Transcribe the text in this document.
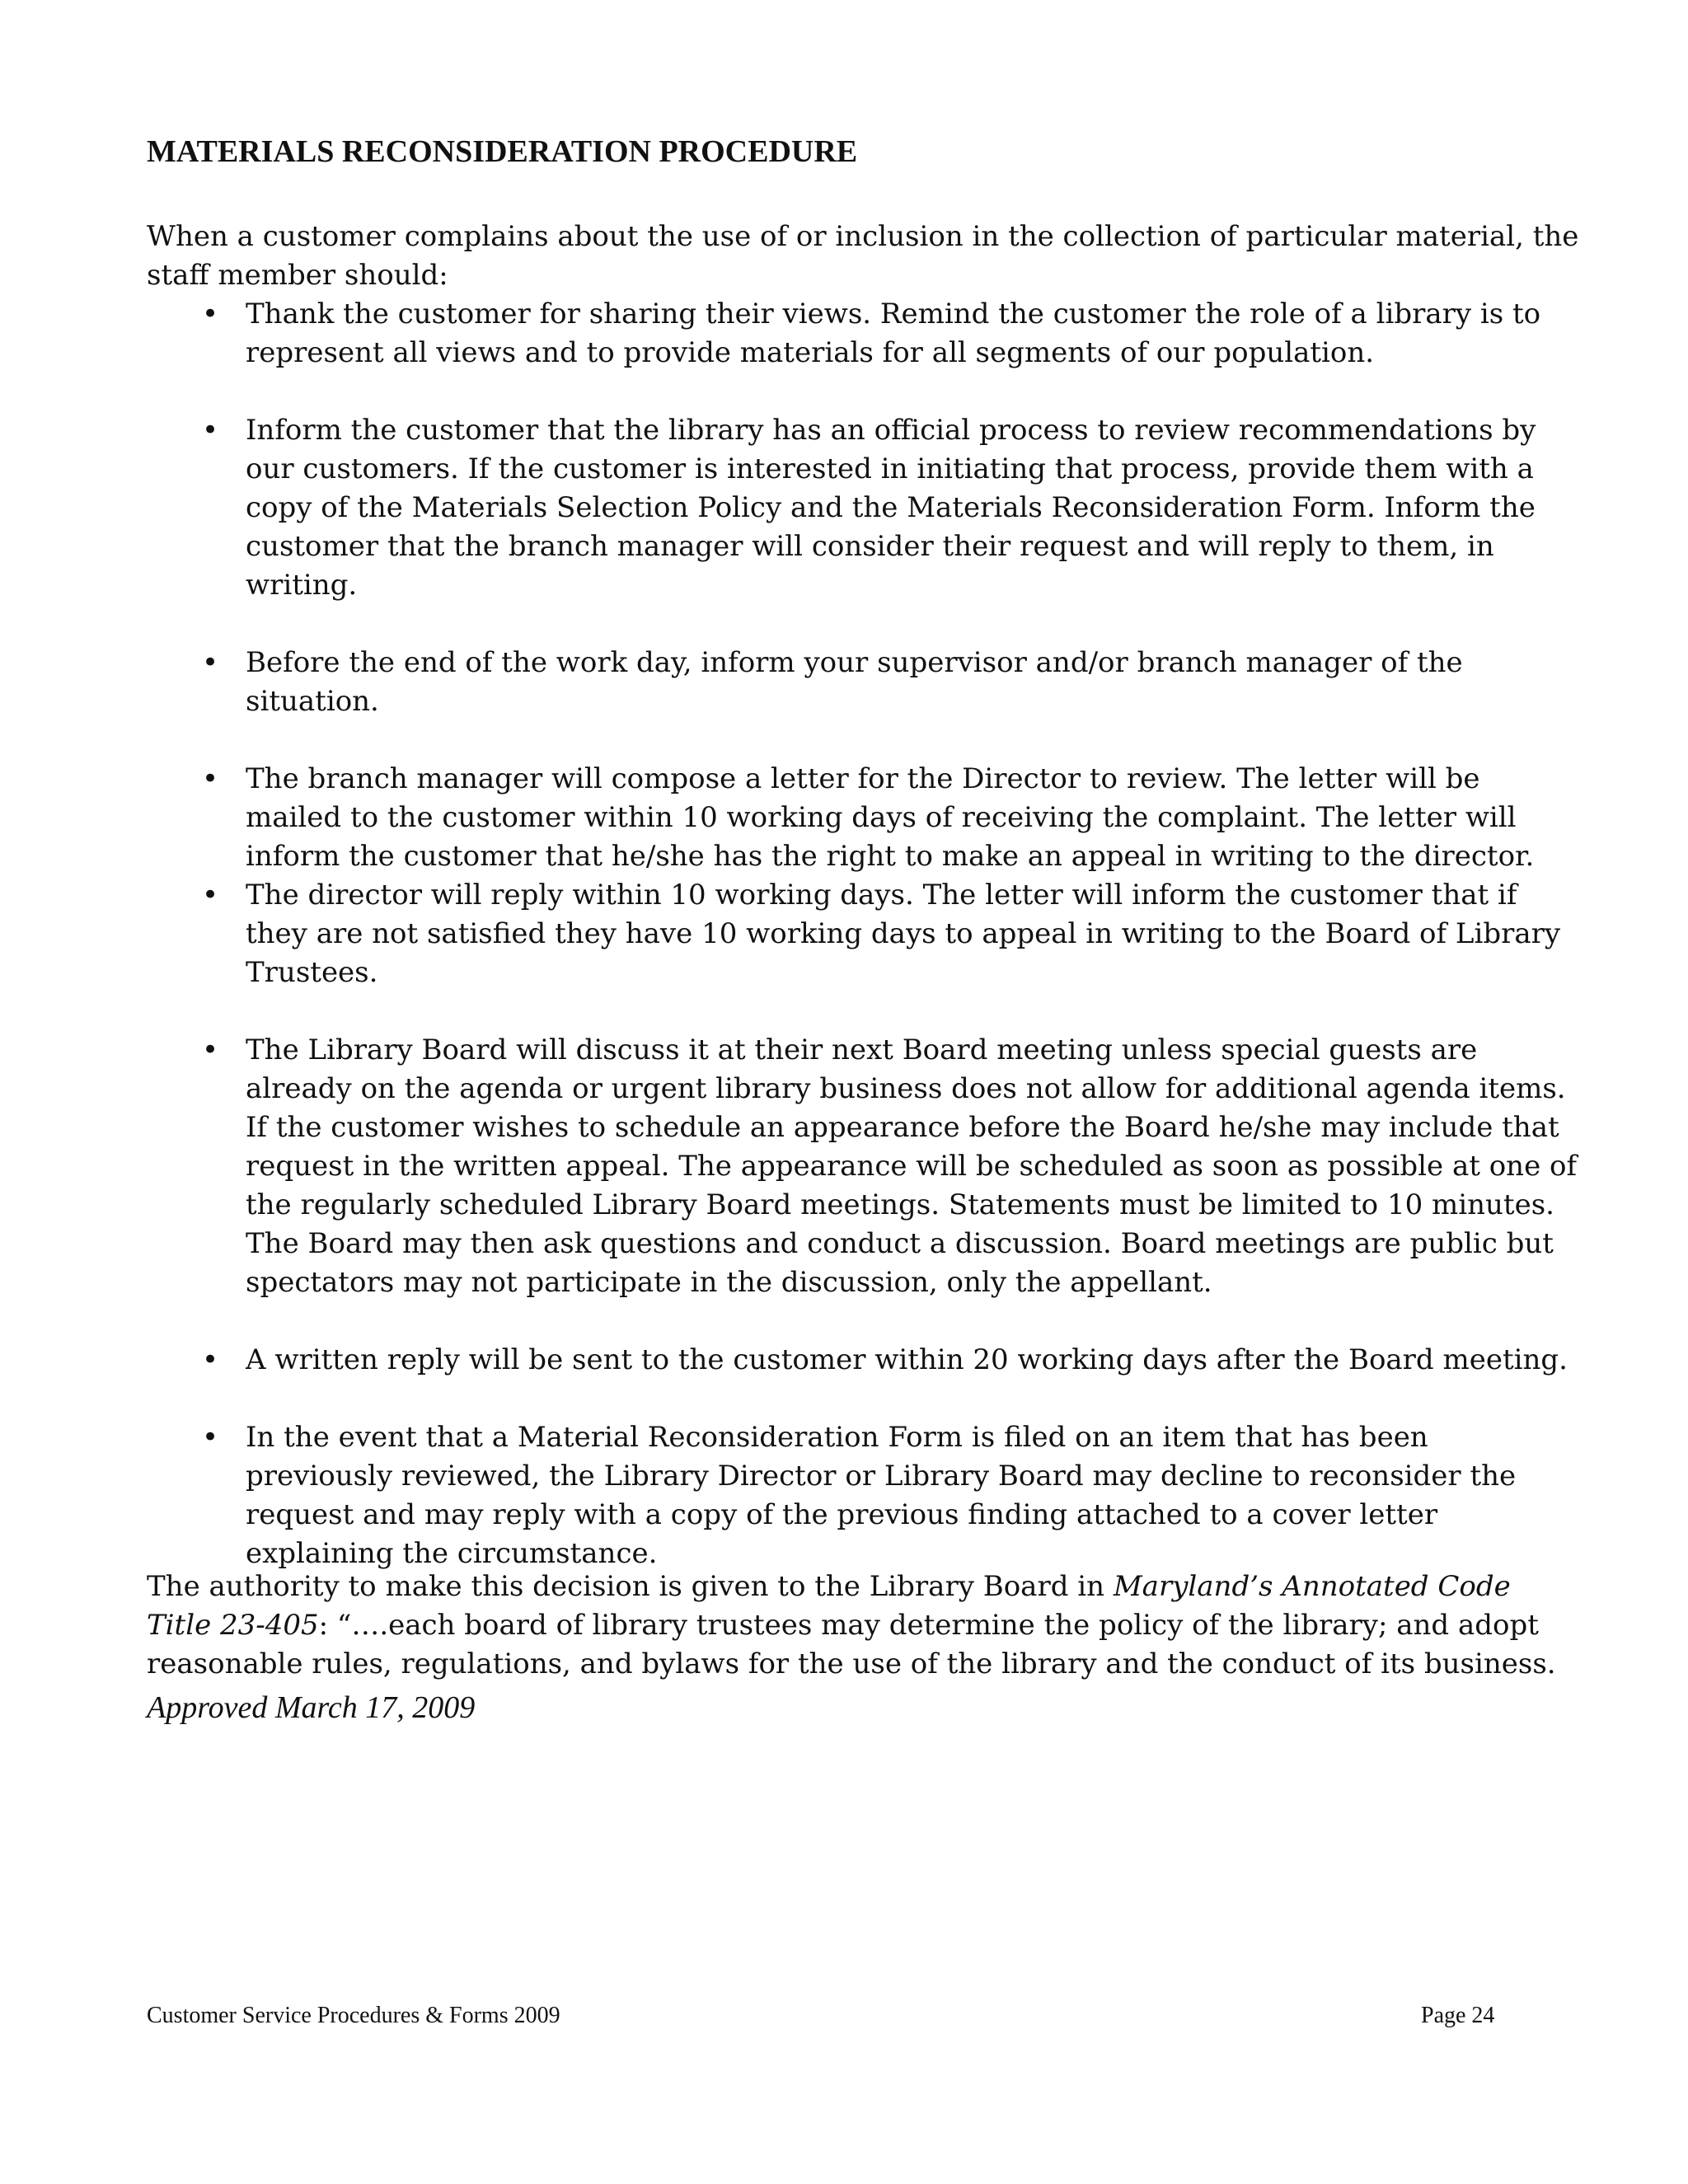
MATERIALS RECONSIDERATION PROCEDURE

When a customer complains about the use of or inclusion in the collection of particular material, the staff member should:

• Thank the customer for sharing their views. Remind the customer the role of a library is to represent all views and to provide materials for all segments of our population.
• Inform the customer that the library has an official process to review recommendations by our customers. If the customer is interested in initiating that process, provide them with a copy of the Materials Selection Policy and the Materials Reconsideration Form. Inform the customer that the branch manager will consider their request and will reply to them, in writing.
• Before the end of the work day, inform your supervisor and/or branch manager of the situation.
• The branch manager will compose a letter for the Director to review. The letter will be mailed to the customer within 10 working days of receiving the complaint. The letter will inform the customer that he/she has the right to make an appeal in writing to the director.
• The director will reply within 10 working days. The letter will inform the customer that if they are not satisfied they have 10 working days to appeal in writing to the Board of Library Trustees.
• The Library Board will discuss it at their next Board meeting unless special guests are already on the agenda or urgent library business does not allow for additional agenda items. If the customer wishes to schedule an appearance before the Board he/she may include that request in the written appeal. The appearance will be scheduled as soon as possible at one of the regularly scheduled Library Board meetings. Statements must be limited to 10 minutes. The Board may then ask questions and conduct a discussion. Board meetings are public but spectators may not participate in the discussion, only the appellant.
• A written reply will be sent to the customer within 20 working days after the Board meeting.
• In the event that a Material Reconsideration Form is filed on an item that has been previously reviewed, the Library Director or Library Board may decline to reconsider the request and may reply with a copy of the previous finding attached to a cover letter explaining the circumstance.

The authority to make this decision is given to the Library Board in Maryland’s Annotated Code Title 23-405: “….each board of library trustees may determine the policy of the library; and adopt reasonable rules, regulations, and bylaws for the use of the library and the conduct of its business.

Approved March 17, 2009

Customer Service Procedures & Forms 2009	Page 24
